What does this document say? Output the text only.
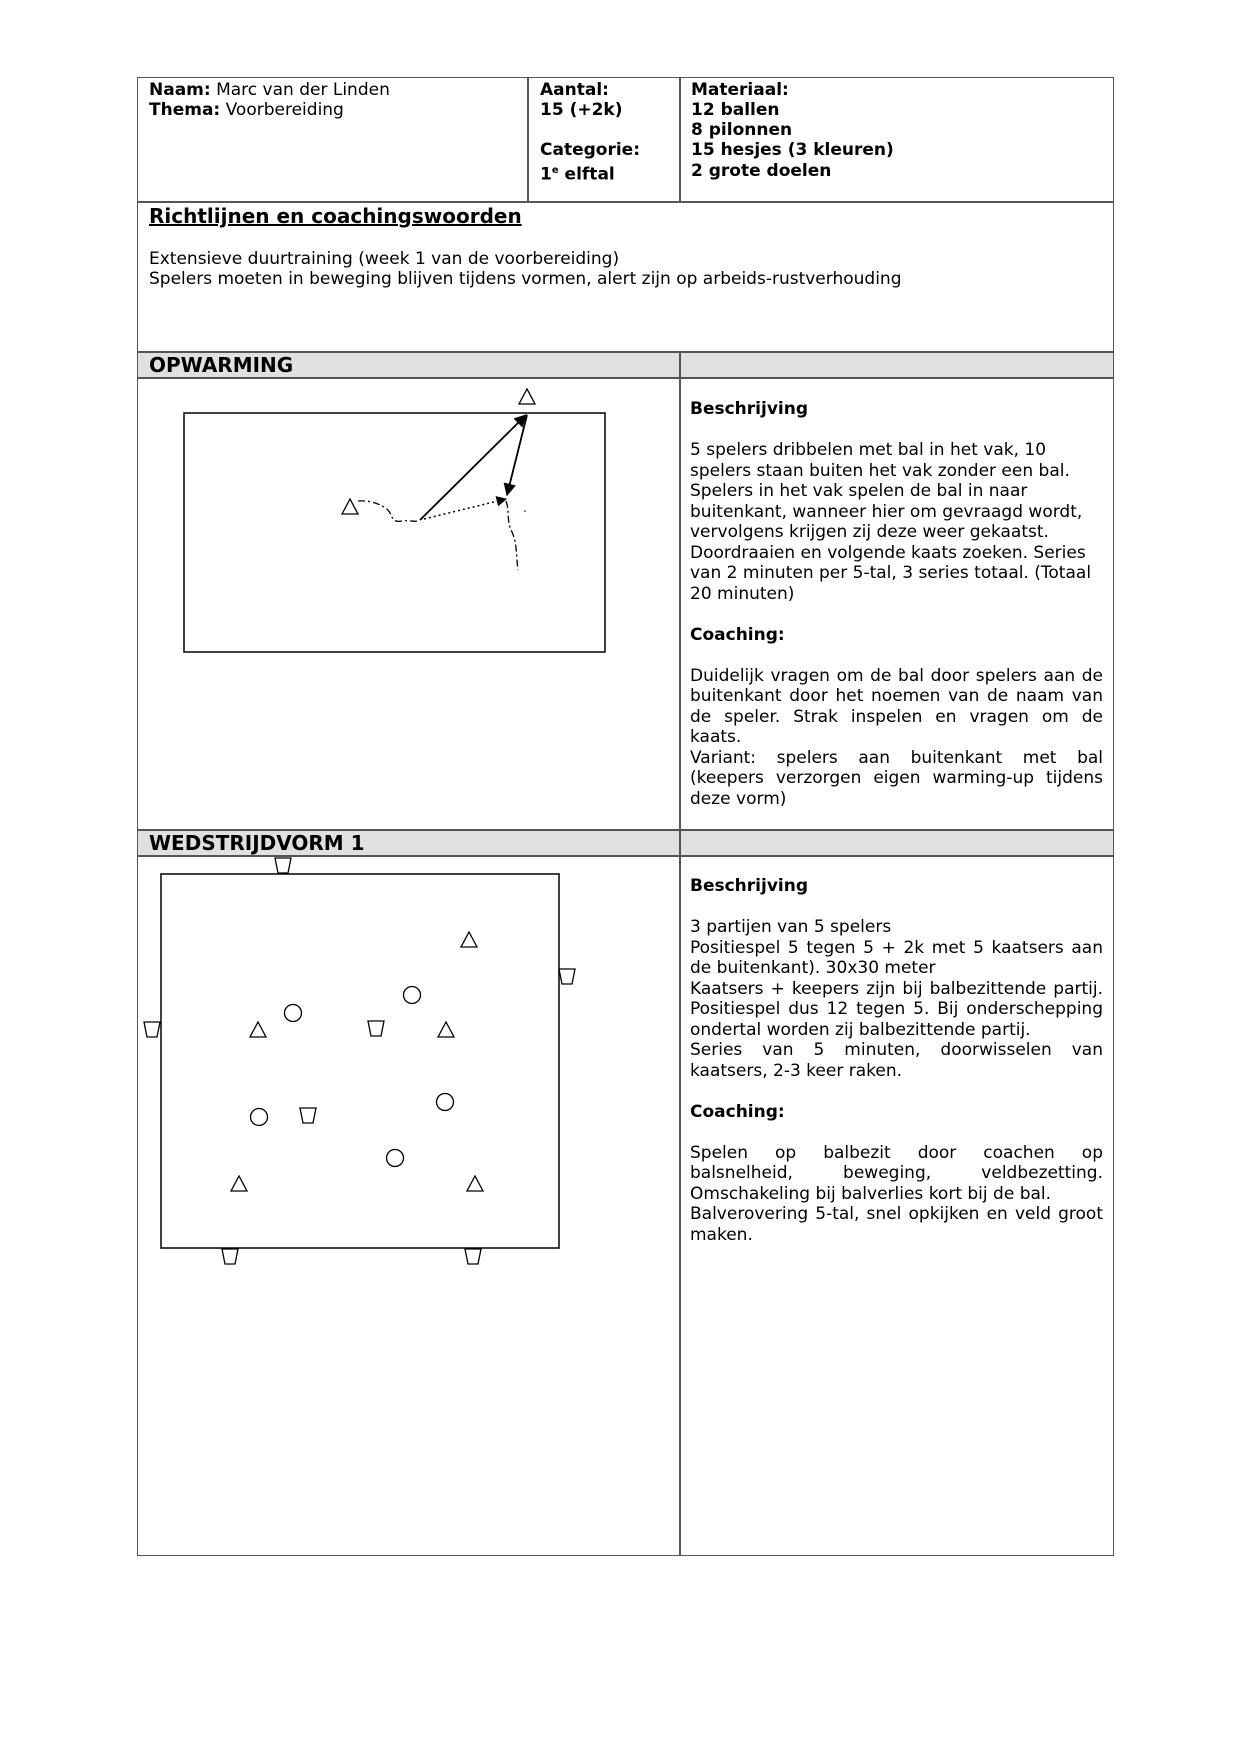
Naam: Marc van der Linden
Thema: Voorbereiding
Aantal:
15 (+2k)
Categorie:
1e elftal
Materiaal:
12 ballen
8 pilonnen
15 hesjes (3 kleuren)
2 grote doelen
Richtlijnen en coachingswoorden
Extensieve duurtraining (week 1 van de voorbereiding)
Spelers moeten in beweging blijven tijdens vormen, alert zijn op arbeids-rustverhouding
OPWARMING

Beschrijving

5 spelers dribbelen met bal in het vak, 10 spelers staan buiten het vak zonder een bal. Spelers in het vak spelen de bal in naar buitenkant, wanneer hier om gevraagd wordt, vervolgens krijgen zij deze weer gekaatst. Doordraaien en volgende kaats zoeken. Series van 2 minuten per 5-tal, 3 series totaal. (Totaal 20 minuten)

Coaching:

Duidelijk vragen om de bal door spelers aan de buitenkant door het noemen van de naam van de speler. Strak inspelen en vragen om de kaats.

Variant: spelers aan buitenkant met bal (keepers verzorgen eigen warming-up tijdens deze vorm)

WEDSTRIJDVORM 1

Beschrijving

3 partijen van 5 spelers

Positiespel 5 tegen 5 + 2k met 5 kaatsers aan de buitenkant). 30x30 meter

Kaatsers + keepers zijn bij balbezittende partij. Positiespel dus 12 tegen 5. Bij onderschepping ondertal worden zij balbezittende partij.

Series van 5 minuten, doorwisselen van kaatsers, 2-3 keer raken.

Coaching:

Spelen op balbezit door coachen op balsnelheid, beweging, veldbezetting. Omschakeling bij balverlies kort bij de bal.

Balverovering 5-tal, snel opkijken en veld groot maken.
